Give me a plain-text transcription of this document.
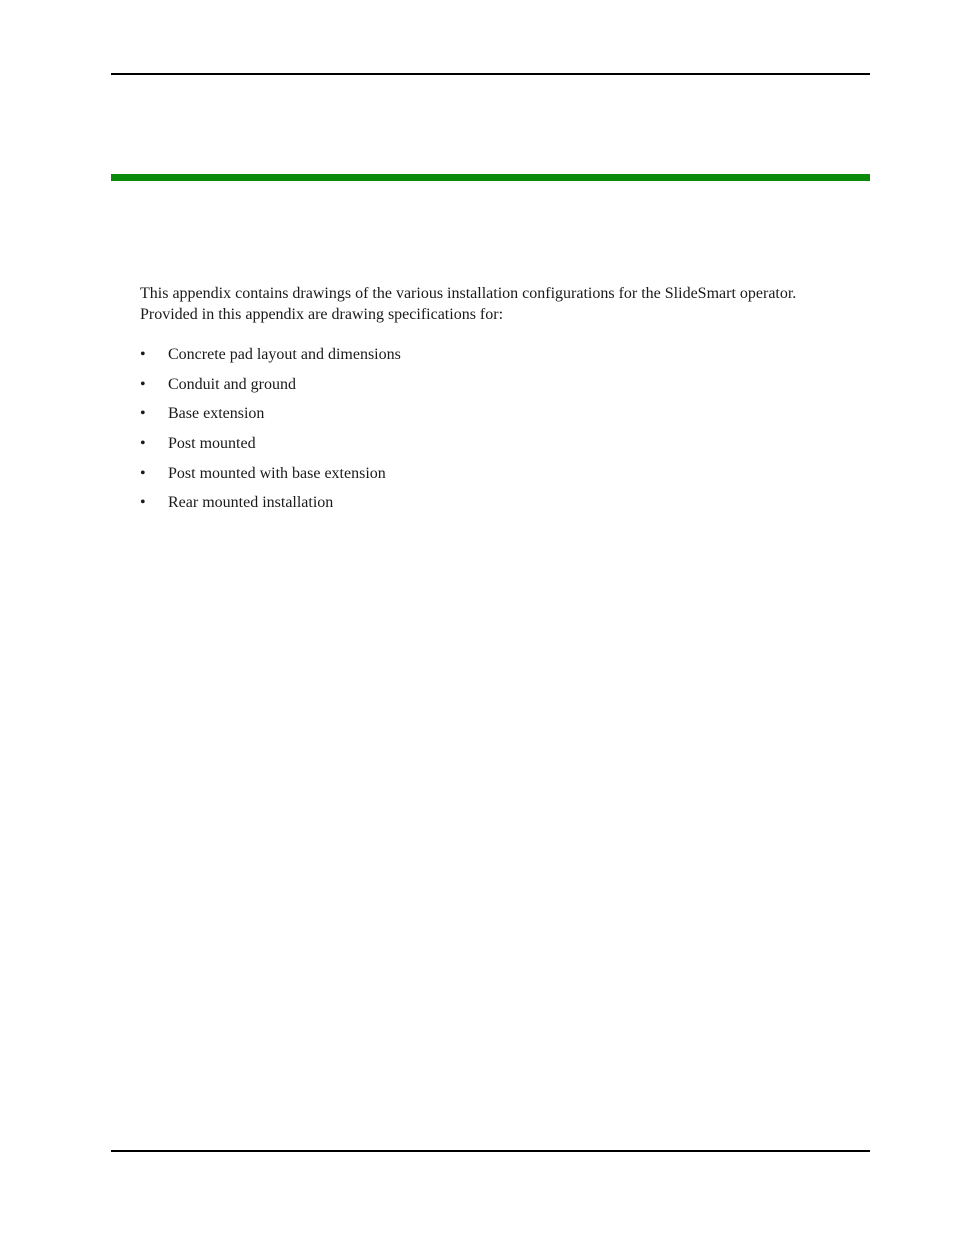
This appendix contains drawings of the various installation configurations for the SlideSmart operator.
Provided in this appendix are drawing specifications for:

•	Concrete pad layout and dimensions
•	Conduit and ground
•	Base extension
•	Post mounted
•	Post mounted with base extension
•	Rear mounted installation
